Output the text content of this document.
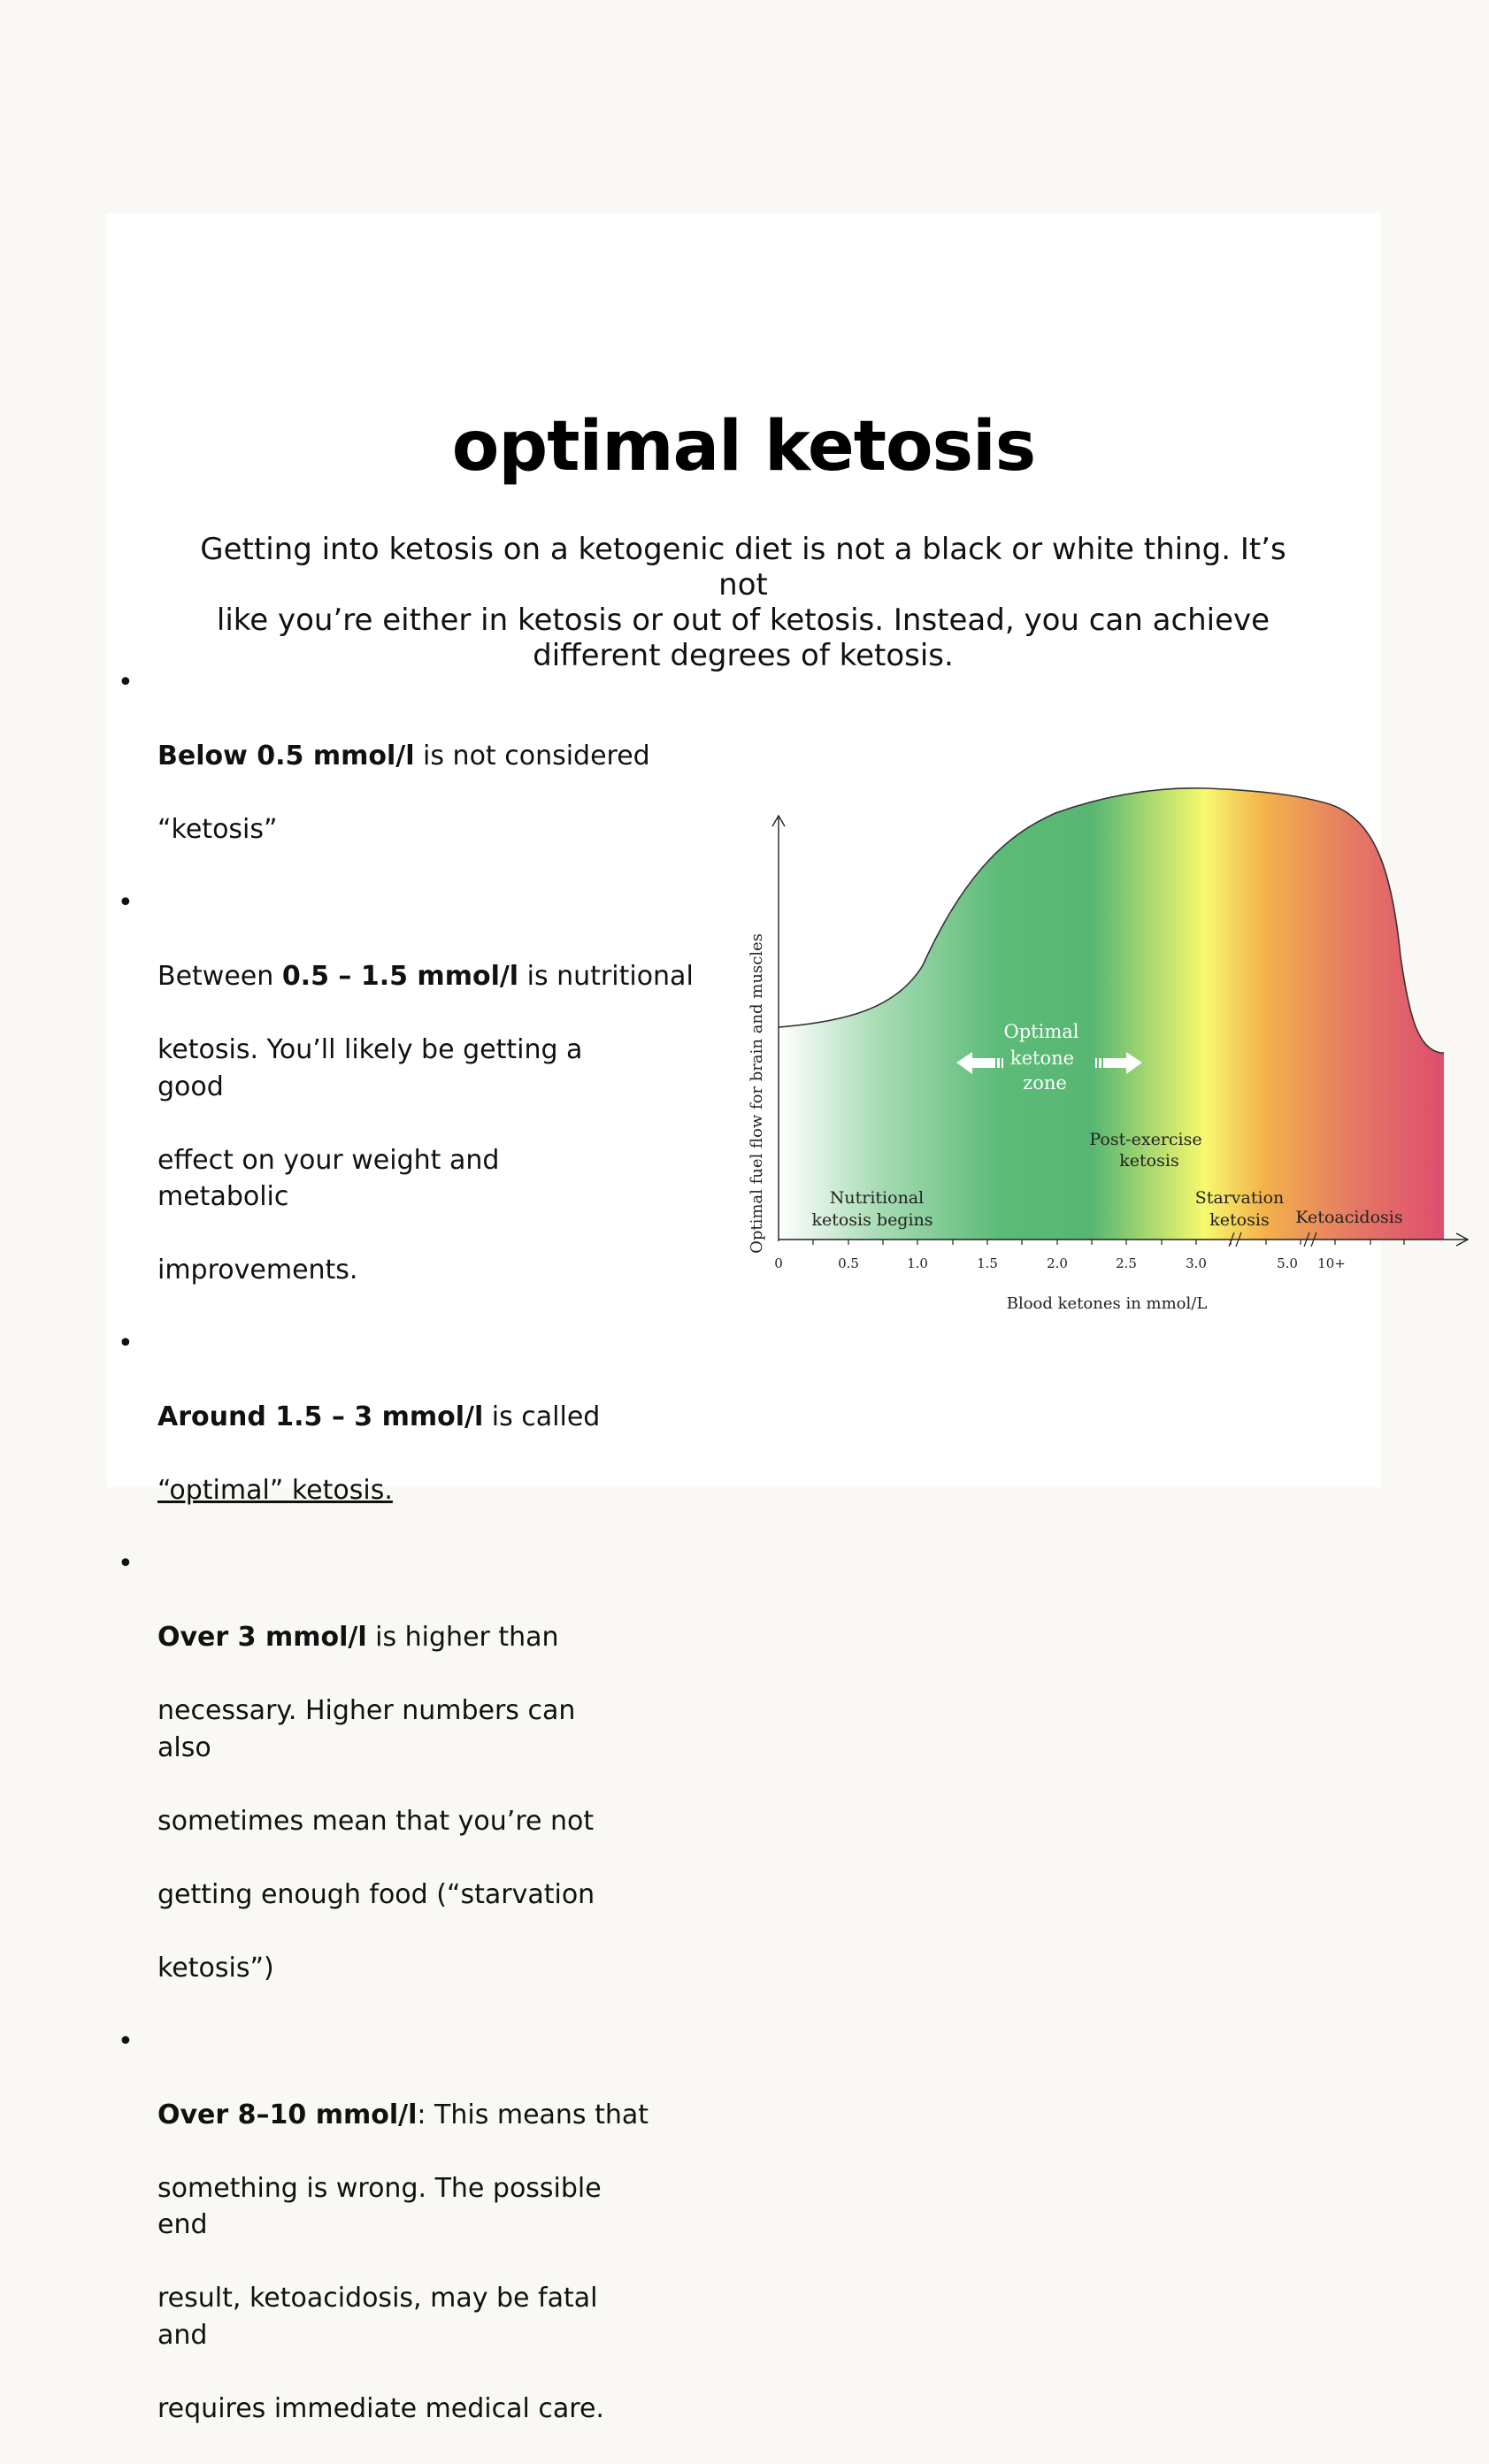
optimal ketosis
Getting into ketosis on a ketogenic diet is not a black or white thing. It’s not
like you’re either in ketosis or out of ketosis. Instead, you can achieve
different degrees of ketosis.

•

Below 0.5 mmol/l is not considered

“ketosis”

•

Between 0.5 – 1.5 mmol/l is nutritional

ketosis. You’ll likely be getting a good

effect on your weight and metabolic

improvements.

•

Around 1.5 – 3 mmol/l is called

“optimal” ketosis.

•

Over 3 mmol/l is higher than

necessary. Higher numbers can also

sometimes mean that you’re not

getting enough food (“starvation

ketosis”)

•

Over 8–10 mmol/l: This means that

something is wrong. The possible end

result, ketoacidosis, may be fatal and

requires immediate medical care.

0	0.5	1.0	1.5	2.0	2.5	3.0	5.0 10+
Blood ketones in mmol/L
Optimal fuel flow for brain and muscles	Nutritional
ketosis begins
Optimal
ketone
zone
Post-exercise
ketosis
Starvation
ketosis Ketoacidosis
